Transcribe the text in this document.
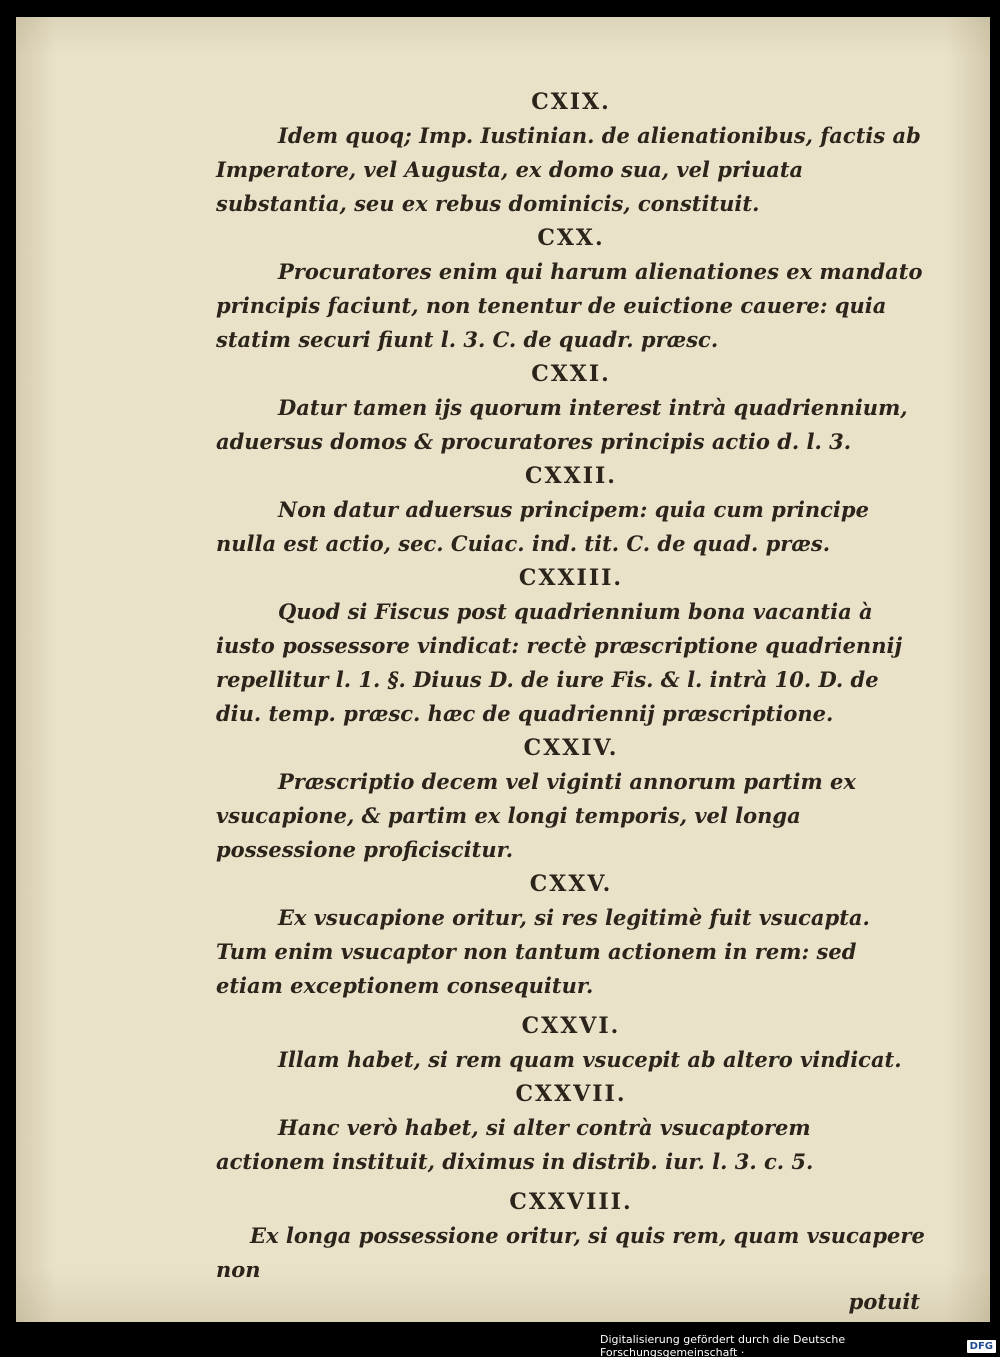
CXIX.

Idem quoq; Imp. Iustinian. de alienationibus, factis ab Imperatore, vel Augusta, ex domo sua, vel priuata substantia, seu ex rebus dominicis, constituit.

CXX.

Procuratores enim qui harum alienationes ex mandato principis faciunt, non tenentur de euictione cauere: quia statim securi fiunt l. 3. C. de quadr. præsc.

CXXI.

Datur tamen ijs quorum interest intrà quadriennium, aduersus domos & procuratores principis actio d. l. 3.

CXXII.

Non datur aduersus principem: quia cum principe nulla est actio, sec. Cuiac. ind. tit. C. de quad. præs.

CXXIII.

Quod si Fiscus post quadriennium bona vacantia à iusto possessore vindicat: rectè præscriptione quadriennij repellitur l. 1. §. Diuus D. de iure Fis. & l. intrà 10. D. de diu. temp. præsc. hæc de quadriennij præscriptione.

CXXIV.

Præscriptio decem vel viginti annorum partim ex vsucapione, & partim ex longi temporis, vel longa possessione proficiscitur.

CXXV.

Ex vsucapione oritur, si res legitimè fuit vsucapta. Tum enim vsucaptor non tantum actionem in rem: sed etiam exceptionem consequitur.

CXXVI.

Illam habet, si rem quam vsucepit ab altero vindicat.

CXXVII.

Hanc verò habet, si alter contrà vsucaptorem actionem instituit, diximus in distrib. iur. l. 3. c. 5.

CXXVIII.

Ex longa possessione oritur, si quis rem, quam vsucapere non

potuit

Digitalisierung gefördert durch die Deutsche Forschungsgemeinschaft ·	DFG
